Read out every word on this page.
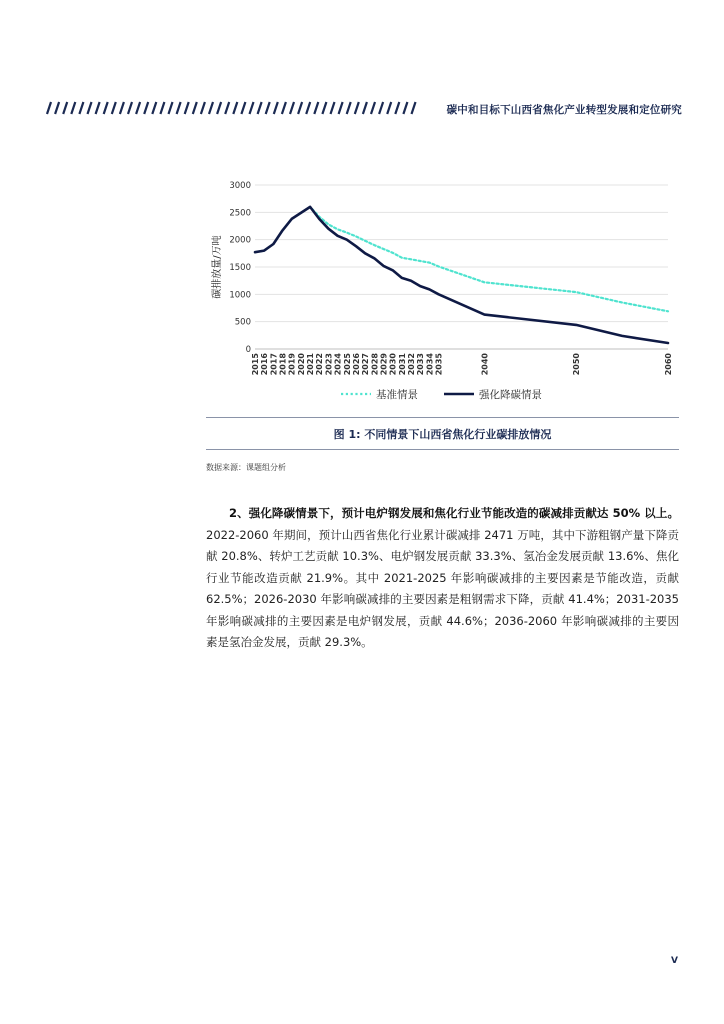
碳中和目标下山西省焦化产业转型发展和定位研究
0
500
1000
1500
2000
2500
3000
2015 2016 2017 2018 2019 2020 2021 2022 2023 2024 2025 2026 2027 2028 2029 2030 2031 2032 2033 2034 2035	2040	2050	2060
碳排放量/万吨
基准情景	强化降碳情景
图 1: 不同情景下山西省焦化行业碳排放情况
数据来源：课题组分析
2、强化降碳情景下，预计电炉钢发展和焦化行业节能改造的碳减排贡献达 50% 以上。2022-2060 年期间，预计山西省焦化行业累计碳减排 2471 万吨，其中下游粗钢产量下降贡献 20.8%、转炉工艺贡献 10.3%、电炉钢发展贡献 33.3%、氢冶金发展贡献 13.6%、焦化行业节能改造贡献 21.9%。其中 2021-2025 年影响碳减排的主要因素是节能改造，贡献 62.5%；2026-2030 年影响碳减排的主要因素是粗钢需求下降，贡献 41.4%；2031-2035 年影响碳减排的主要因素是电炉钢发展，贡献 44.6%；2036-2060 年影响碳减排的主要因素是氢冶金发展，贡献 29.3%。
V
